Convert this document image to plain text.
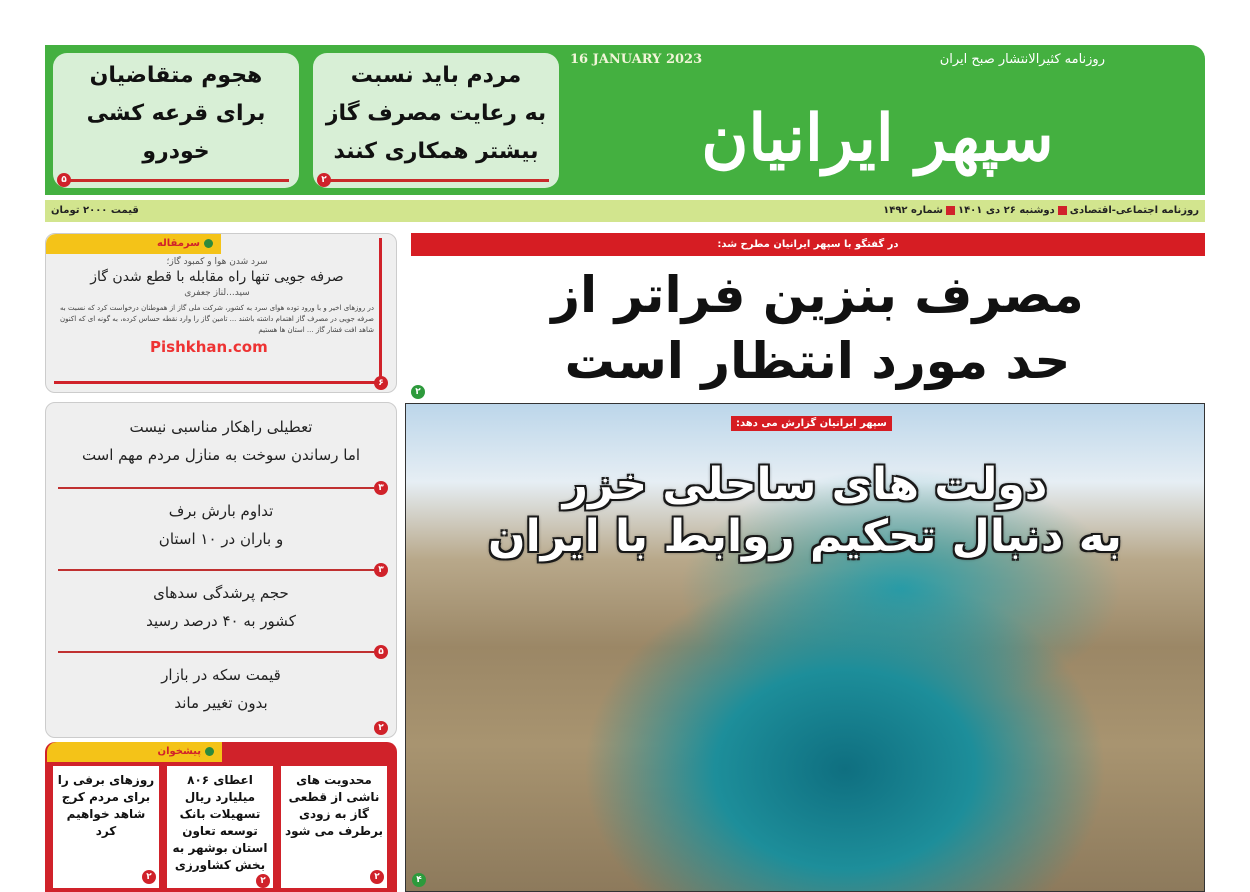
16 JANUARY 2023	روزنامه کثیرالانتشار صبح ایران
سپهر ایرانیان
مردم باید نسبت
به رعایت مصرف گاز
بیشتر همکاری کنند
۲
هجوم متقاضیان
برای قرعه کشی
خودرو
۵
روزنامه اجتماعی-اقتصادیدوشنبه ۲۶ دی ۱۴۰۱شماره ۱۴۹۲
قیمت ۲۰۰۰ تومان
سرمقاله
سرد شدن هوا و کمبود گاز؛
صرفه جویی تنها راه مقابله با قطع شدن گاز
سید...لناز جعفری
در روزهای اخیر و با ورود توده هوای سرد به کشور، شرکت ملی گاز از هموطنان درخواست کرد که نسبت به صرفه جویی در مصرف گاز اهتمام داشته باشند ... تامین گاز را وارد نقطه حساس کرده، به گونه ای که اکنون شاهد افت فشار گاز ... استان ها هستیم
Pishkhan.com
۶
تعطیلی راهکار مناسبی نیست
اما رساندن سوخت به منازل مردم مهم است
۳
تداوم بارش برف
و باران در ۱۰ استان
۳
حجم پرشدگی سدهای
کشور به ۴۰ درصد رسید
۵
قیمت سکه در بازار
بدون تغییر ماند
۲
پیشخوان
محدویت های ناشی از قطعی گاز به زودی برطرف می شود
۲
اعطای ۸۰۶ میلیارد ریال تسهیلات بانک توسعه تعاون استان بوشهر به بخش کشاورزی
۲
روزهای برفی را برای مردم کرج شاهد خواهیم کرد
۲
در گفتگو با سپهر ایرانیان مطرح شد:
مصرف بنزین فراتر از
حد مورد انتظار است
۲
سپهر ایرانیان گزارش می دهد:
دولت های ساحلی خزر
به دنبال تحکیم روابط با ایران
۴
